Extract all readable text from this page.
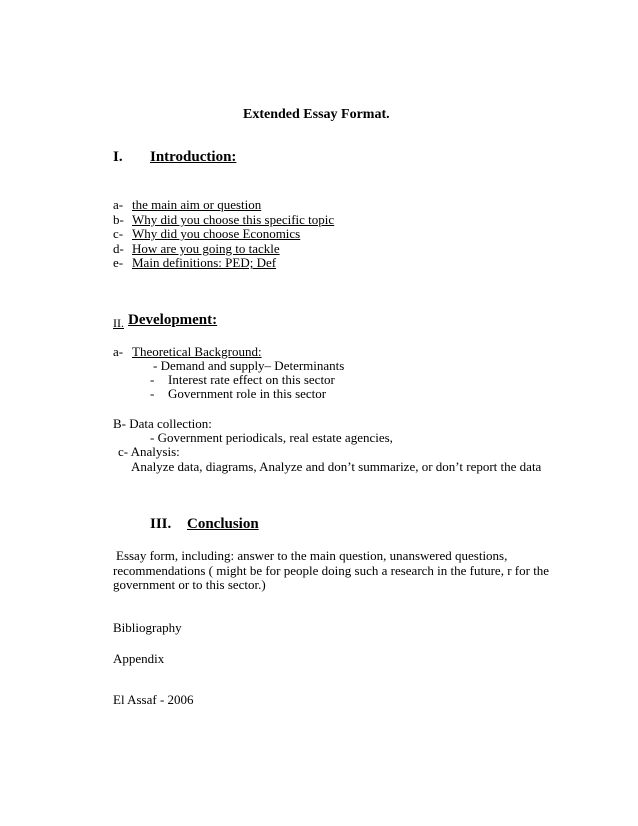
Extended Essay Format.
I. Introduction:
a- the main aim or question
b- Why did you choose this specific topic
c- Why did you choose Economics
d- How are you going to tackle
e- Main definitions: PED; Def
II. Development:
a- Theoretical Background:
- Demand and supply– Determinants
- Interest rate effect on this sector
- Government role in this sector
B- Data collection:
- Government periodicals, real estate agencies,
c- Analysis:
Analyze data, diagrams, Analyze and don’t summarize, or don’t report the data
III. Conclusion
Essay form, including: answer to the main question, unanswered questions,
recommendations ( might be for people doing such a research in the future, r for the
government or to this sector.)
Bibliography
Appendix
El Assaf - 2006
